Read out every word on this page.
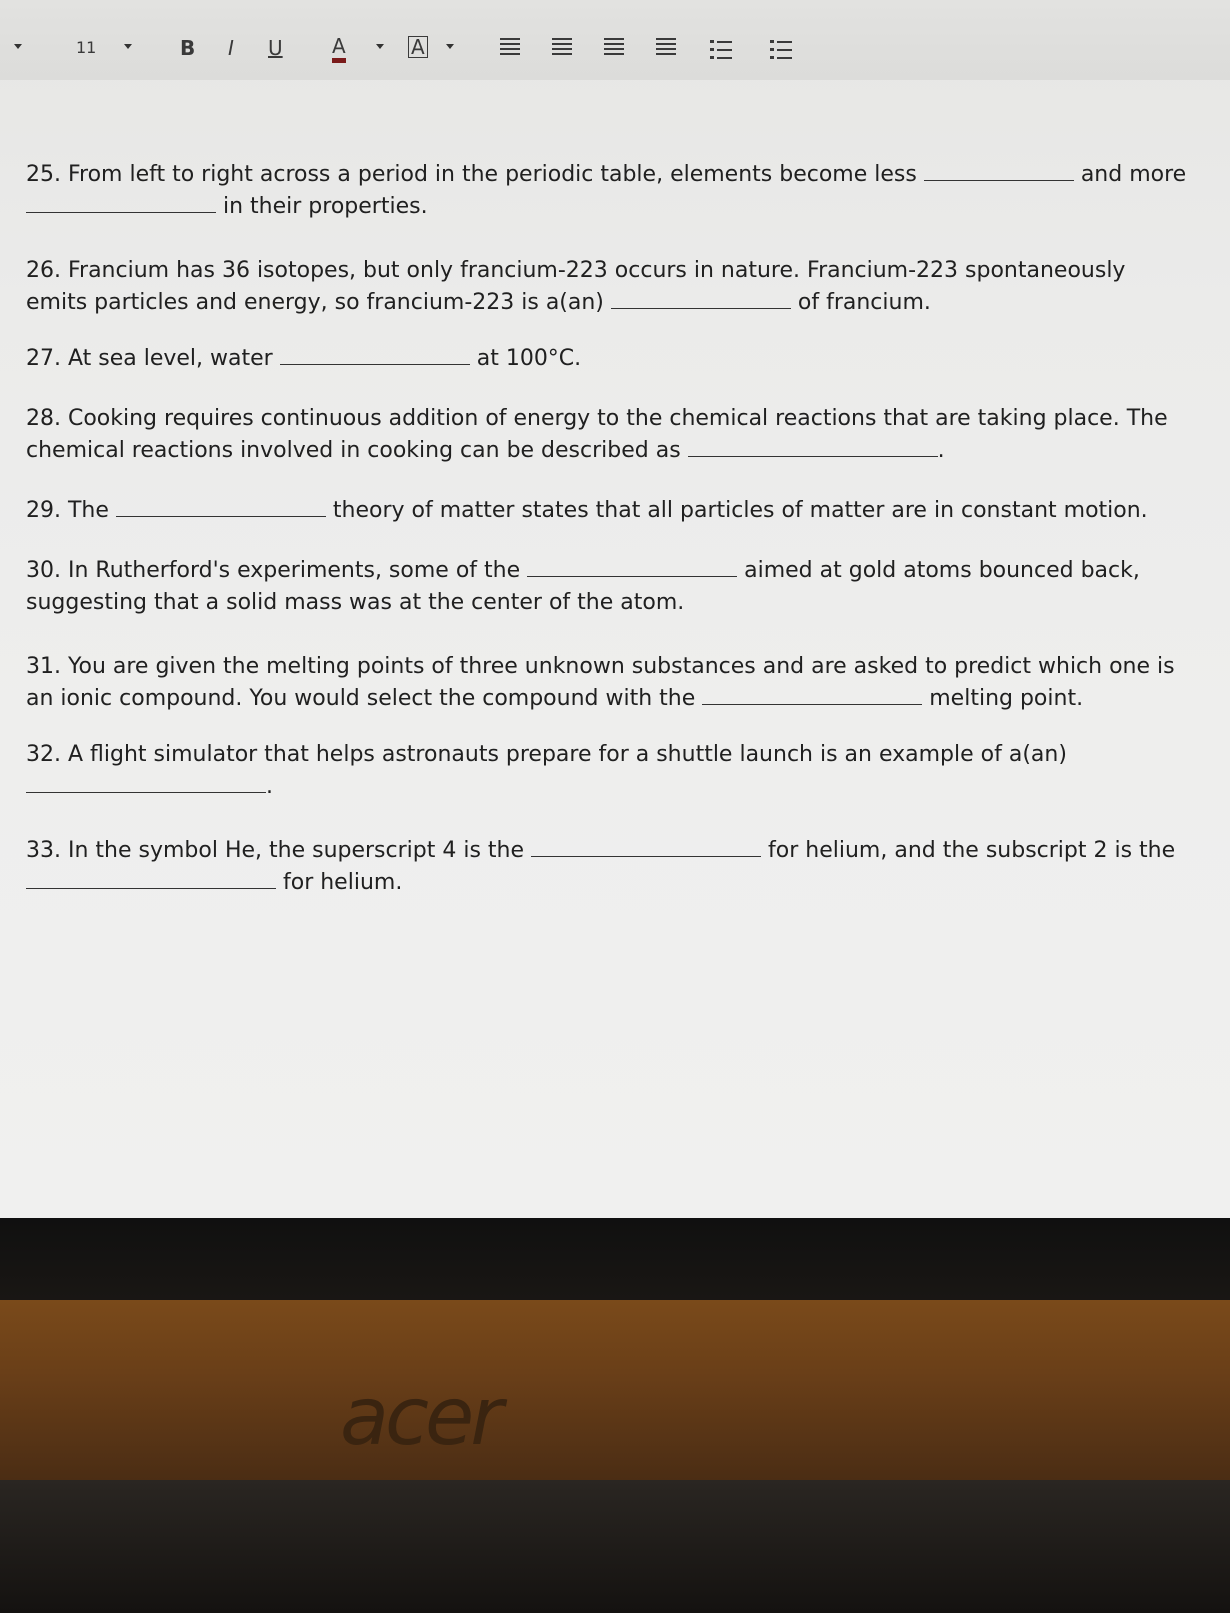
11	B I U A	A
25. From left to right across a period in the periodic table, elements become less	and more
in their properties.
26. Francium has 36 isotopes, but only francium-223 occurs in nature. Francium-223 spontaneously
emits particles and energy, so francium-223 is a(an)	of francium.
27. At sea level, water	at 100°C.
28. Cooking requires continuous addition of energy to the chemical reactions that are taking place. The
chemical reactions involved in cooking can be described as	.
29. The	theory of matter states that all particles of matter are in constant motion.
30. In Rutherford's experiments, some of the	aimed at gold atoms bounced back,
suggesting that a solid mass was at the center of the atom.
31. You are given the melting points of three unknown substances and are asked to predict which one is
an ionic compound. You would select the compound with the	melting point.
32. A flight simulator that helps astronauts prepare for a shuttle launch is an example of a(an)
.
33. In the symbol He, the superscript 4 is the	for helium, and the subscript 2 is the
for helium.
acer
